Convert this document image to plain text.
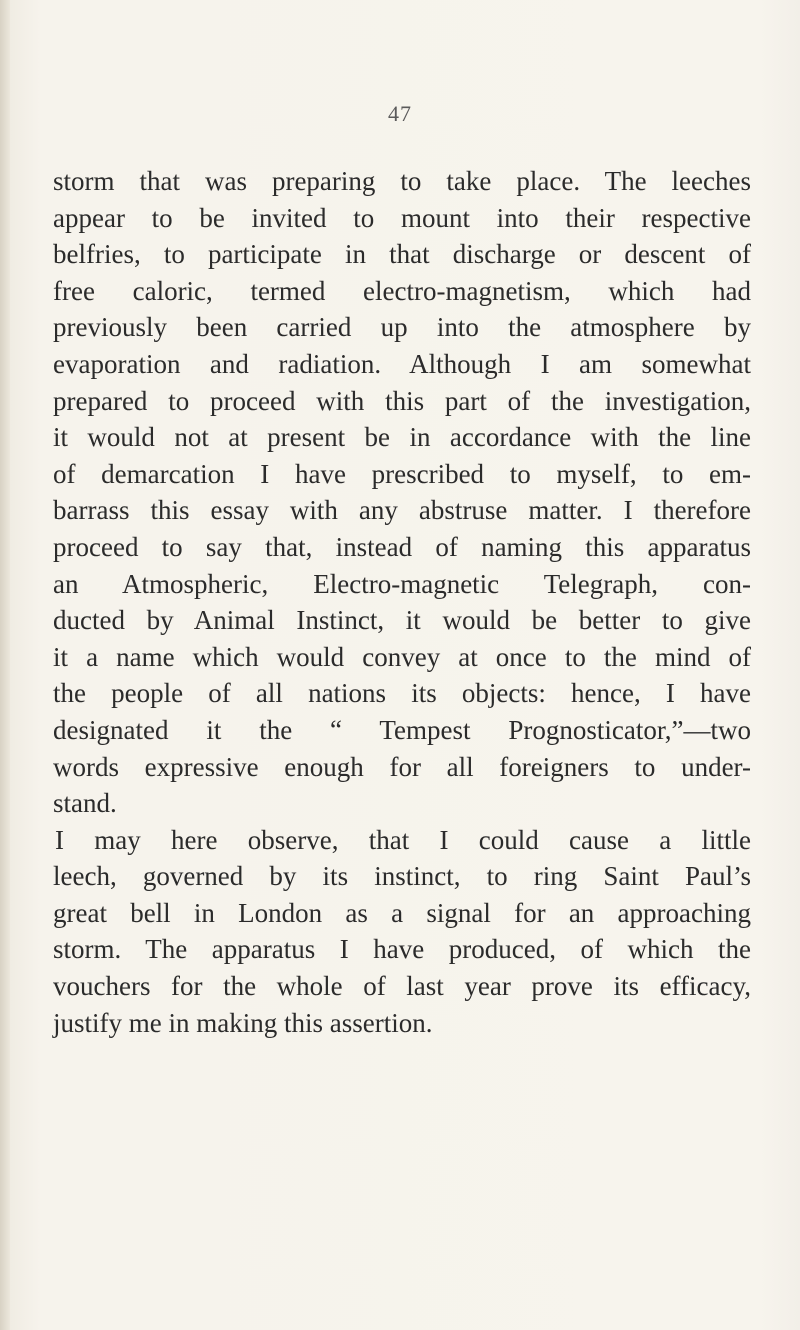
47
storm that was preparing to take place. The leeches
appear to be invited to mount into their respective
belfries, to participate in that discharge or descent of
free caloric, termed electro-magnetism, which had
previously been carried up into the atmosphere by
evaporation and radiation. Although I am somewhat
prepared to proceed with this part of the investigation,
it would not at present be in accordance with the line
of demarcation I have prescribed to myself, to em-
barrass this essay with any abstruse matter. I therefore
proceed to say that, instead of naming this apparatus
an Atmospheric, Electro-magnetic Telegraph, con-
ducted by Animal Instinct, it would be better to give
it a name which would convey at once to the mind of
the people of all nations its objects: hence, I have
designated it the “ Tempest Prognosticator,”—two
words expressive enough for all foreigners to under-
stand.
I may here observe, that I could cause a little
leech, governed by its instinct, to ring Saint Paul’s
great bell in London as a signal for an approaching
storm. The apparatus I have produced, of which the
vouchers for the whole of last year prove its efficacy,
justify me in making this assertion.
